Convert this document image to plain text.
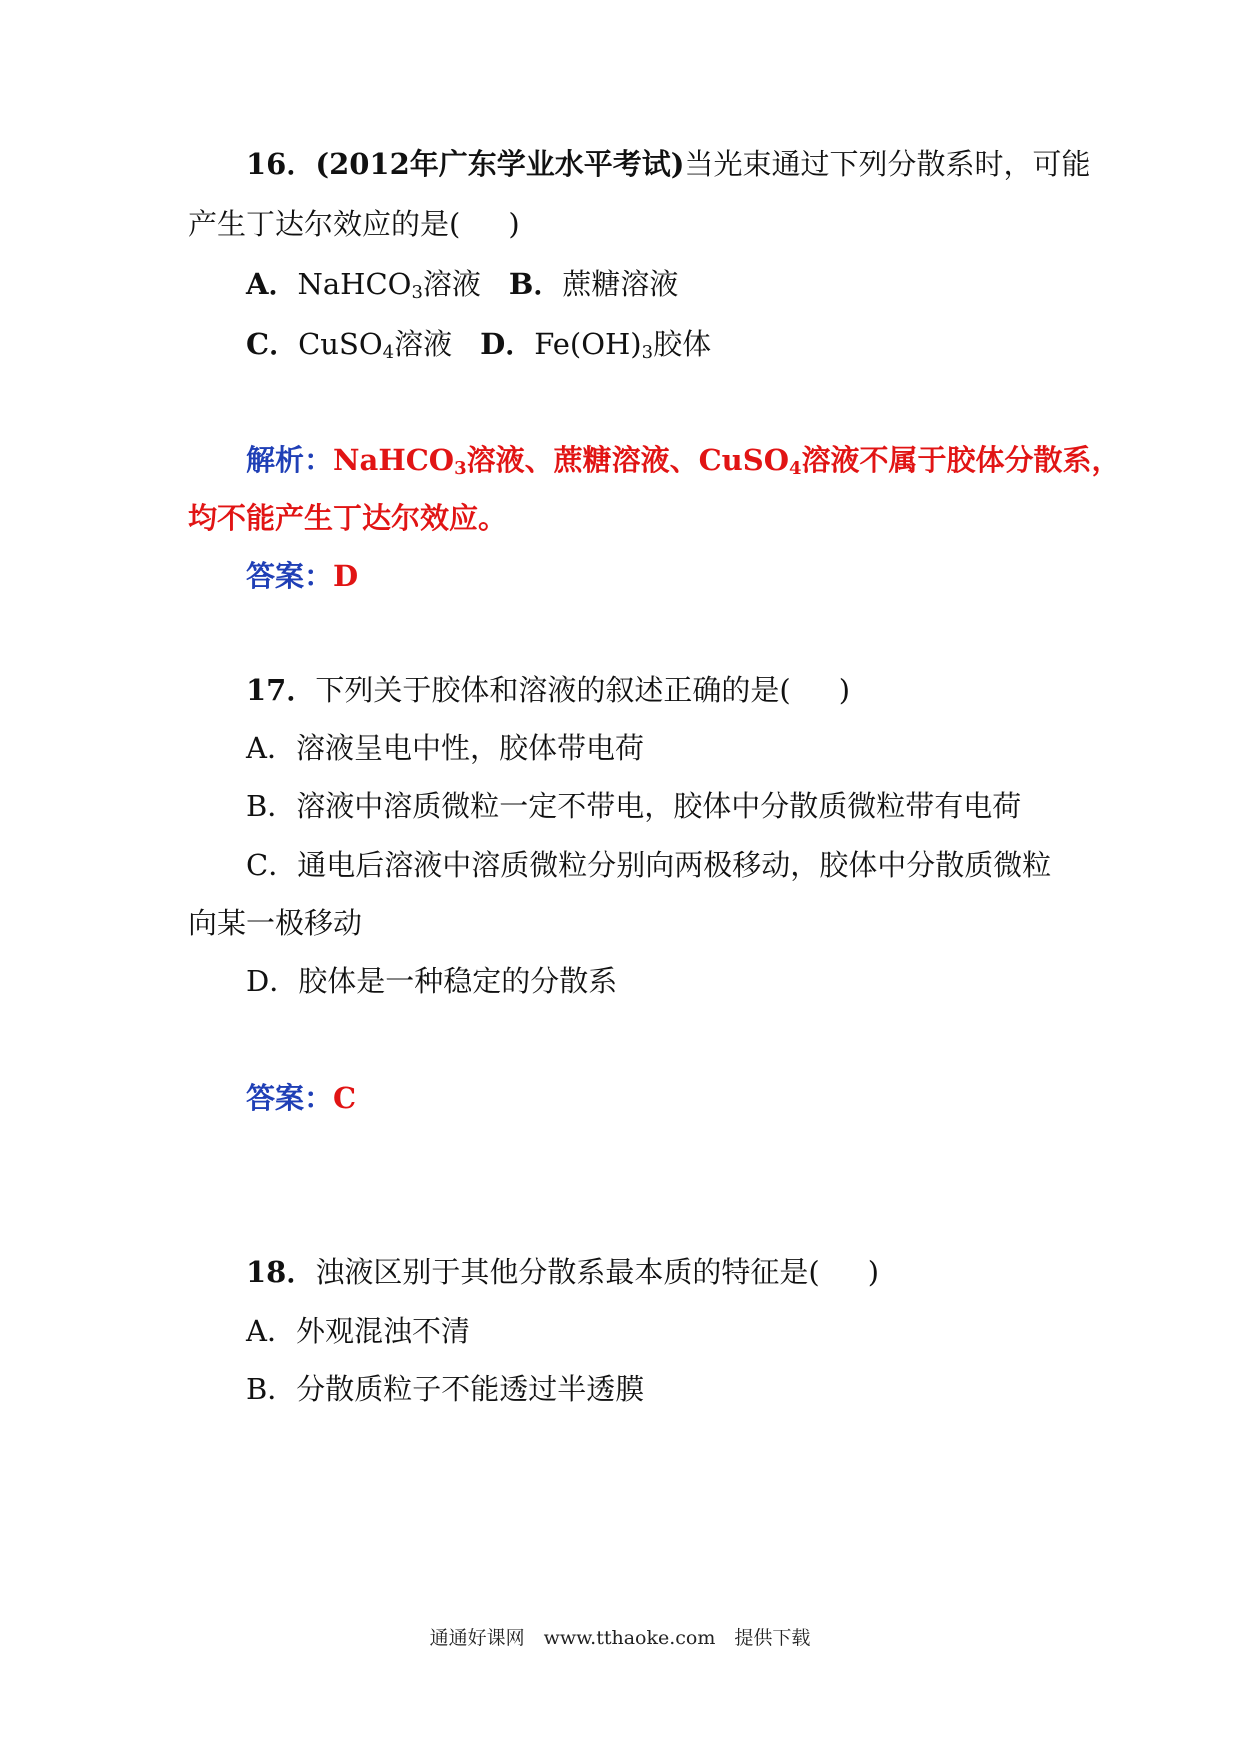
16．(2012年广东学业水平考试)当光束通过下列分散系时，可能
产生丁达尔效应的是( )
A．NaHCO$_3$溶液 B．蔗糖溶液
C．CuSO$_4$溶液 D．$Fe(OH)_3$胶体
解析：NaHCO$_3$溶液、蔗糖溶液、CuSO$_4$溶液不属于胶体分散系，
均不能产生丁达尔效应。
答案：D
17．下列关于胶体和溶液的叙述正确的是( )
A．溶液呈电中性，胶体带电荷
B．溶液中溶质微粒一定不带电，胶体中分散质微粒带有电荷
C．通电后溶液中溶质微粒分别向两极移动，胶体中分散质微粒
向某一极移动
D．胶体是一种稳定的分散系
答案：C
18．浊液区别于其他分散系最本质的特征是( )
A．外观混浊不清
B．分散质粒子不能透过半透膜
通通好课网　www.tthaoke.com　提供下载
